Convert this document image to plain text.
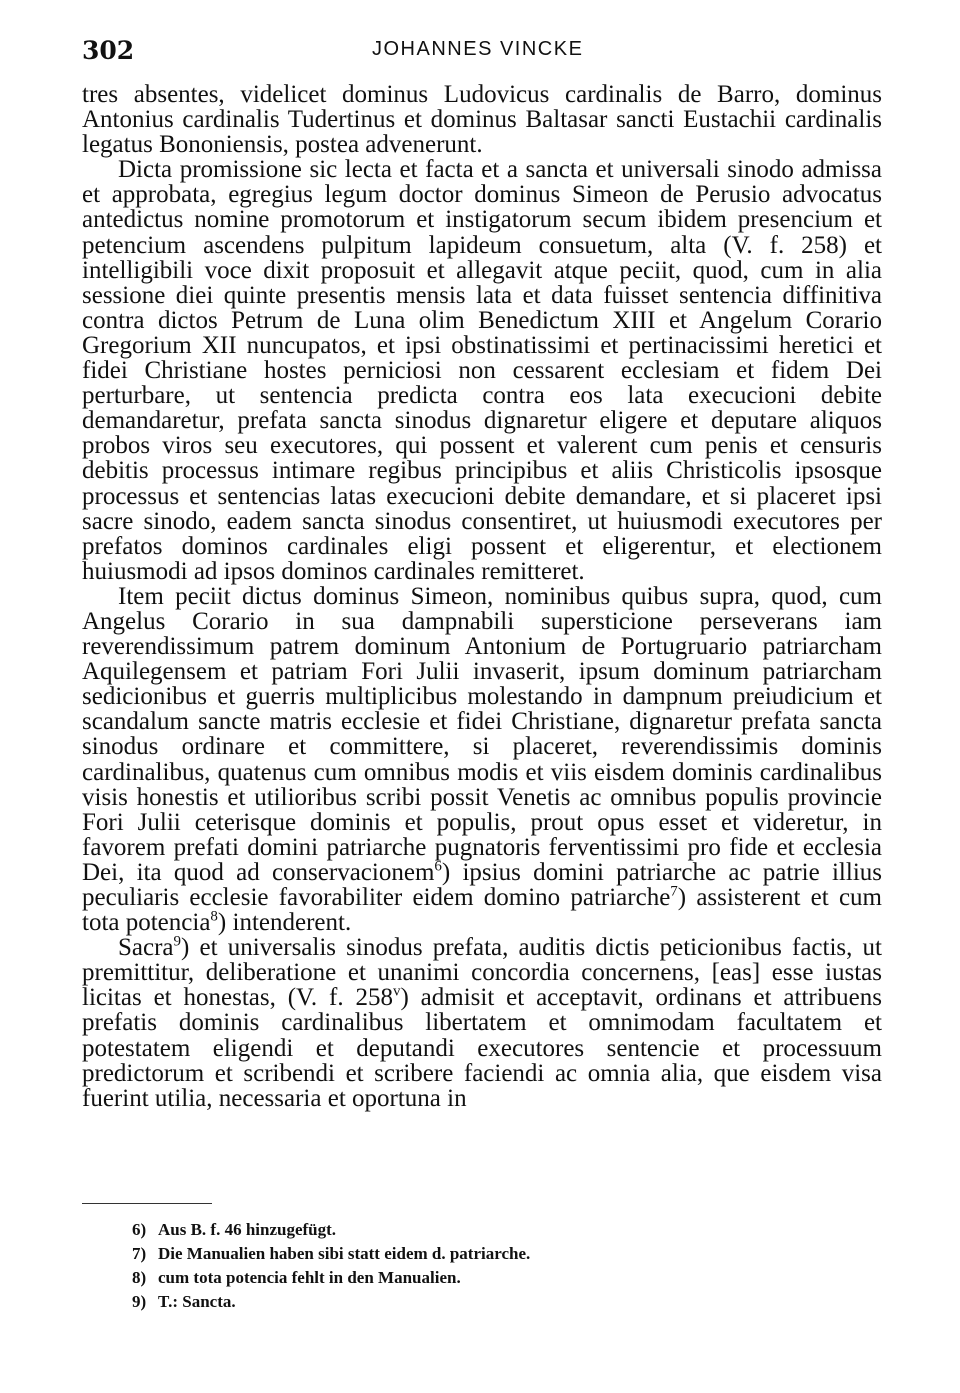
302	JOHANNES VINCKE

tres absentes, videlicet dominus Ludovicus cardinalis de Barro, dominus Antonius cardinalis Tudertinus et dominus Baltasar sancti Eustachii cardinalis legatus Bononiensis, postea advenerunt.

Dicta promissione sic lecta et facta et a sancta et universali sinodo admissa et approbata, egregius legum doctor dominus Simeon de Perusio advocatus antedictus nomine promotorum et instigatorum secum ibidem presencium et petencium ascendens pulpitum lapideum consuetum, alta (V. f. 258) et intelligibili voce dixit proposuit et allegavit atque peciit, quod, cum in alia sessione diei quinte presentis mensis lata et data fuisset sentencia diffinitiva contra dictos Petrum de Luna olim Benedictum XIII et Angelum Corario Gregorium XII nuncupatos, et ipsi obstinatissimi et pertinacissimi heretici et fidei Christiane hostes perniciosi non cessarent ecclesiam et fidem Dei perturbare, ut sentencia predicta contra eos lata execucioni debite demandaretur, prefata sancta sinodus dignaretur eligere et deputare aliquos probos viros seu executores, qui possent et valerent cum penis et censuris debitis processus intimare regibus principibus et aliis Christicolis ipsosque processus et sentencias latas execucioni debite demandare, et si placeret ipsi sacre sinodo, eadem sancta sinodus consentiret, ut huiusmodi executores per prefatos dominos cardinales eligi possent et eligerentur, et electionem huiusmodi ad ipsos dominos cardinales remitteret.

Item peciit dictus dominus Simeon, nominibus quibus supra, quod, cum Angelus Corario in sua dampnabili supersticione perseverans iam reverendissimum patrem dominum Antonium de Portugruario patriarcham Aquilegensem et patriam Fori Julii invaserit, ipsum dominum patriarcham sedicionibus et guerris multiplicibus molestando in dampnum preiudicium et scandalum sancte matris ecclesie et fidei Christiane, dignaretur prefata sancta sinodus ordinare et committere, si placeret, reverendissimis dominis cardinalibus, quatenus cum omnibus modis et viis eisdem dominis cardinalibus visis honestis et utilioribus scribi possit Venetis ac omnibus populis provincie Fori Julii ceterisque dominis et populis, prout opus esset et videretur, in favorem prefati domini patriarche pugnatoris ferventissimi pro fide et ecclesia Dei, ita quod ad conservacionem$^6$) ipsius domini patriarche ac patrie illius peculiaris ecclesie favorabiliter eidem domino patriarche$^7$) assisterent et cum tota potencia$^8$) intenderent.

Sacra$^9$) et universalis sinodus prefata, auditis dictis peticionibus factis, ut premittitur, deliberatione et unanimi concordia concernens, [eas] esse iustas licitas et honestas, (V. f. 258$^v$) admisit et acceptavit, ordinans et attribuens prefatis dominis cardinalibus libertatem et omnimodam facultatem et potestatem eligendi et deputandi executores sentencie et processuum predictorum et scribendi et scribere faciendi ac omnia alia, que eisdem visa fuerint utilia, necessaria et oportuna in

6) Aus B. f. 46 hinzugefügt.
7) Die Manualien haben sibi statt eidem d. patriarche.
8) cum tota potencia fehlt in den Manualien.
9) T.: Sancta.
